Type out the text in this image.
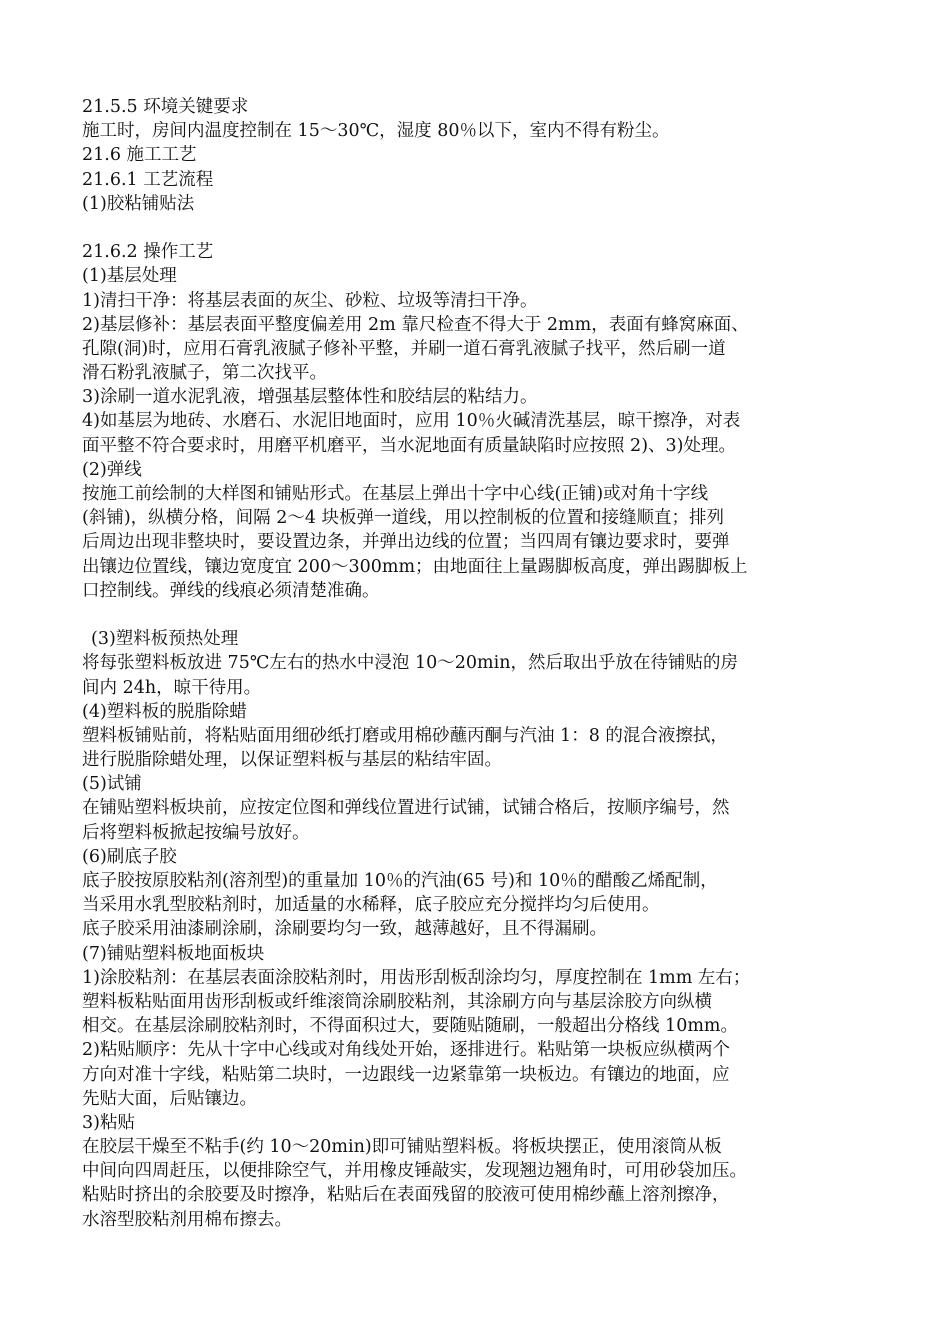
21.5.5 环境关键要求
施工时，房间内温度控制在 15～30℃，湿度 80％以下，室内不得有粉尘。
21.6 施工工艺
21.6.1 工艺流程
(1)胶粘铺贴法
21.6.2 操作工艺
(1)基层处理
1)清扫干净：将基层表面的灰尘、砂粒、垃圾等清扫干净。
2)基层修补：基层表面平整度偏差用 2m 靠尺检查不得大于 2mm，表面有蜂窝麻面、
孔隙(洞)时，应用石膏乳液腻子修补平整，并刷一道石膏乳液腻子找平，然后刷一道
滑石粉乳液腻子，第二次找平。
3)涂刷一道水泥乳液，增强基层整体性和胶结层的粘结力。
4)如基层为地砖、水磨石、水泥旧地面时，应用 10％火碱清洗基层，晾干擦净，对表
面平整不符合要求时，用磨平机磨平，当水泥地面有质量缺陷时应按照 2)、3)处理。
(2)弹线
按施工前绘制的大样图和铺贴形式。在基层上弹出十字中心线(正铺)或对角十字线
(斜铺)，纵横分格，间隔 2～4 块板弹一道线，用以控制板的位置和接缝顺直；排列
后周边出现非整块时，要设置边条，并弹出边线的位置；当四周有镶边要求时，要弹
出镶边位置线，镶边宽度宜 200～300mm；由地面往上量踢脚板高度，弹出踢脚板上
口控制线。弹线的线痕必须清楚准确。
(3)塑料板预热处理
将每张塑料板放进 75℃左右的热水中浸泡 10～20min，然后取出乎放在待铺贴的房
间内 24h，晾干待用。
(4)塑料板的脱脂除蜡
塑料板铺贴前，将粘贴面用细砂纸打磨或用棉砂蘸丙酮与汽油 1：8 的混合液擦拭，
进行脱脂除蜡处理，以保证塑料板与基层的粘结牢固。
(5)试铺
在铺贴塑料板块前，应按定位图和弹线位置进行试铺，试铺合格后，按顺序编号，然
后将塑料板掀起按编号放好。
(6)刷底子胶
底子胶按原胶粘剂(溶剂型)的重量加 10％的汽油(65 号)和 10％的醋酸乙烯配制，
当采用水乳型胶粘剂时，加适量的水稀释，底子胶应充分搅拌均匀后使用。
底子胶采用油漆刷涂刷，涂刷要均匀一致，越薄越好，且不得漏刷。
(7)铺贴塑料板地面板块
1)涂胶粘剂：在基层表面涂胶粘剂时，用齿形刮板刮涂均匀，厚度控制在 1mm 左右；
塑料板粘贴面用齿形刮板或纤维滚筒涂刷胶粘剂，其涂刷方向与基层涂胶方向纵横
相交。在基层涂刷胶粘剂时，不得面积过大，要随贴随刷，一般超出分格线 10mm。
2)粘贴顺序：先从十字中心线或对角线处开始，逐排进行。粘贴第一块板应纵横两个
方向对准十字线，粘贴第二块时，一边跟线一边紧靠第一块板边。有镶边的地面，应
先贴大面，后贴镶边。
3)粘贴
在胶层干燥至不粘手(约 10～20min)即可铺贴塑料板。将板块摆正，使用滚筒从板
中间向四周赶压，以便排除空气，并用橡皮锤敲实，发现翘边翘角时，可用砂袋加压。
粘贴时挤出的余胶要及时擦净，粘贴后在表面残留的胶液可使用棉纱蘸上溶剂擦净，
水溶型胶粘剂用棉布擦去。
